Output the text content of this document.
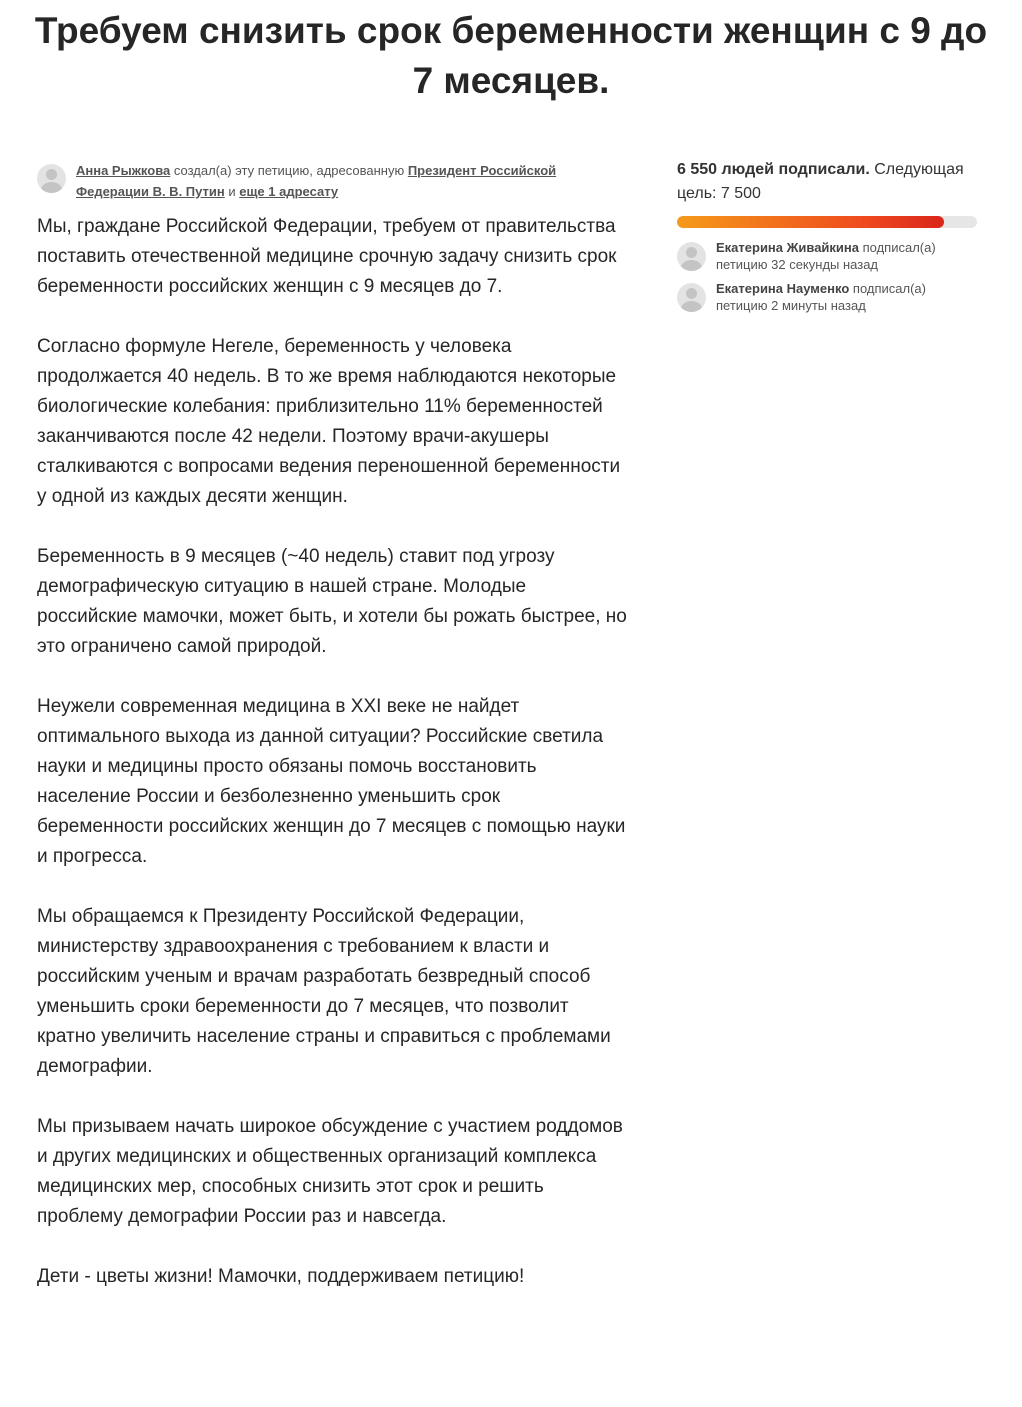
Требуем снизить срок беременности женщин с 9 до 7 месяцев.
Анна Рыжкова создал(а) эту петицию, адресованную Президент Российской Федерации В. В. Путин и еще 1 адресату

Мы, граждане Российской Федерации, требуем от правительства поставить отечественной медицине срочную задачу снизить срок беременности российских женщин с 9 месяцев до 7.

Согласно формуле Негеле, беременность у человека продолжается 40 недель. В то же время наблюдаются некоторые биологические колебания: приблизительно 11% беременностей заканчиваются после 42 недели. Поэтому врачи-акушеры сталкиваются с вопросами ведения переношенной беременности у одной из каждых десяти женщин.

Беременность в 9 месяцев (~40 недель) ставит под угрозу демографическую ситуацию в нашей стране. Молодые российские мамочки, может быть, и хотели бы рожать быстрее, но это ограничено самой природой.

Неужели современная медицина в XXI веке не найдет оптимального выхода из данной ситуации? Российские светила науки и медицины просто обязаны помочь восстановить население России и безболезненно уменьшить срок беременности российских женщин до 7 месяцев с помощью науки и прогресса.

Мы обращаемся к Президенту Российской Федерации, министерству здравоохранения с требованием к власти и российским ученым и врачам разработать безвредный способ уменьшить сроки беременности до 7 месяцев, что позволит кратно увеличить население страны и справиться с проблемами демографии.

Мы призываем начать широкое обсуждение с участием роддомов и других медицинских и общественных организаций комплекса медицинских мер, способных снизить этот срок и решить проблему демографии России раз и навсегда.

Дети - цветы жизни! Мамочки, поддерживаем петицию!

6 550 людей подписали. Следующая цель: 7 500
Екатерина Живайкина подписал(а) петицию 32 секунды назад
Екатерина Науменко подписал(а) петицию 2 минуты назад
